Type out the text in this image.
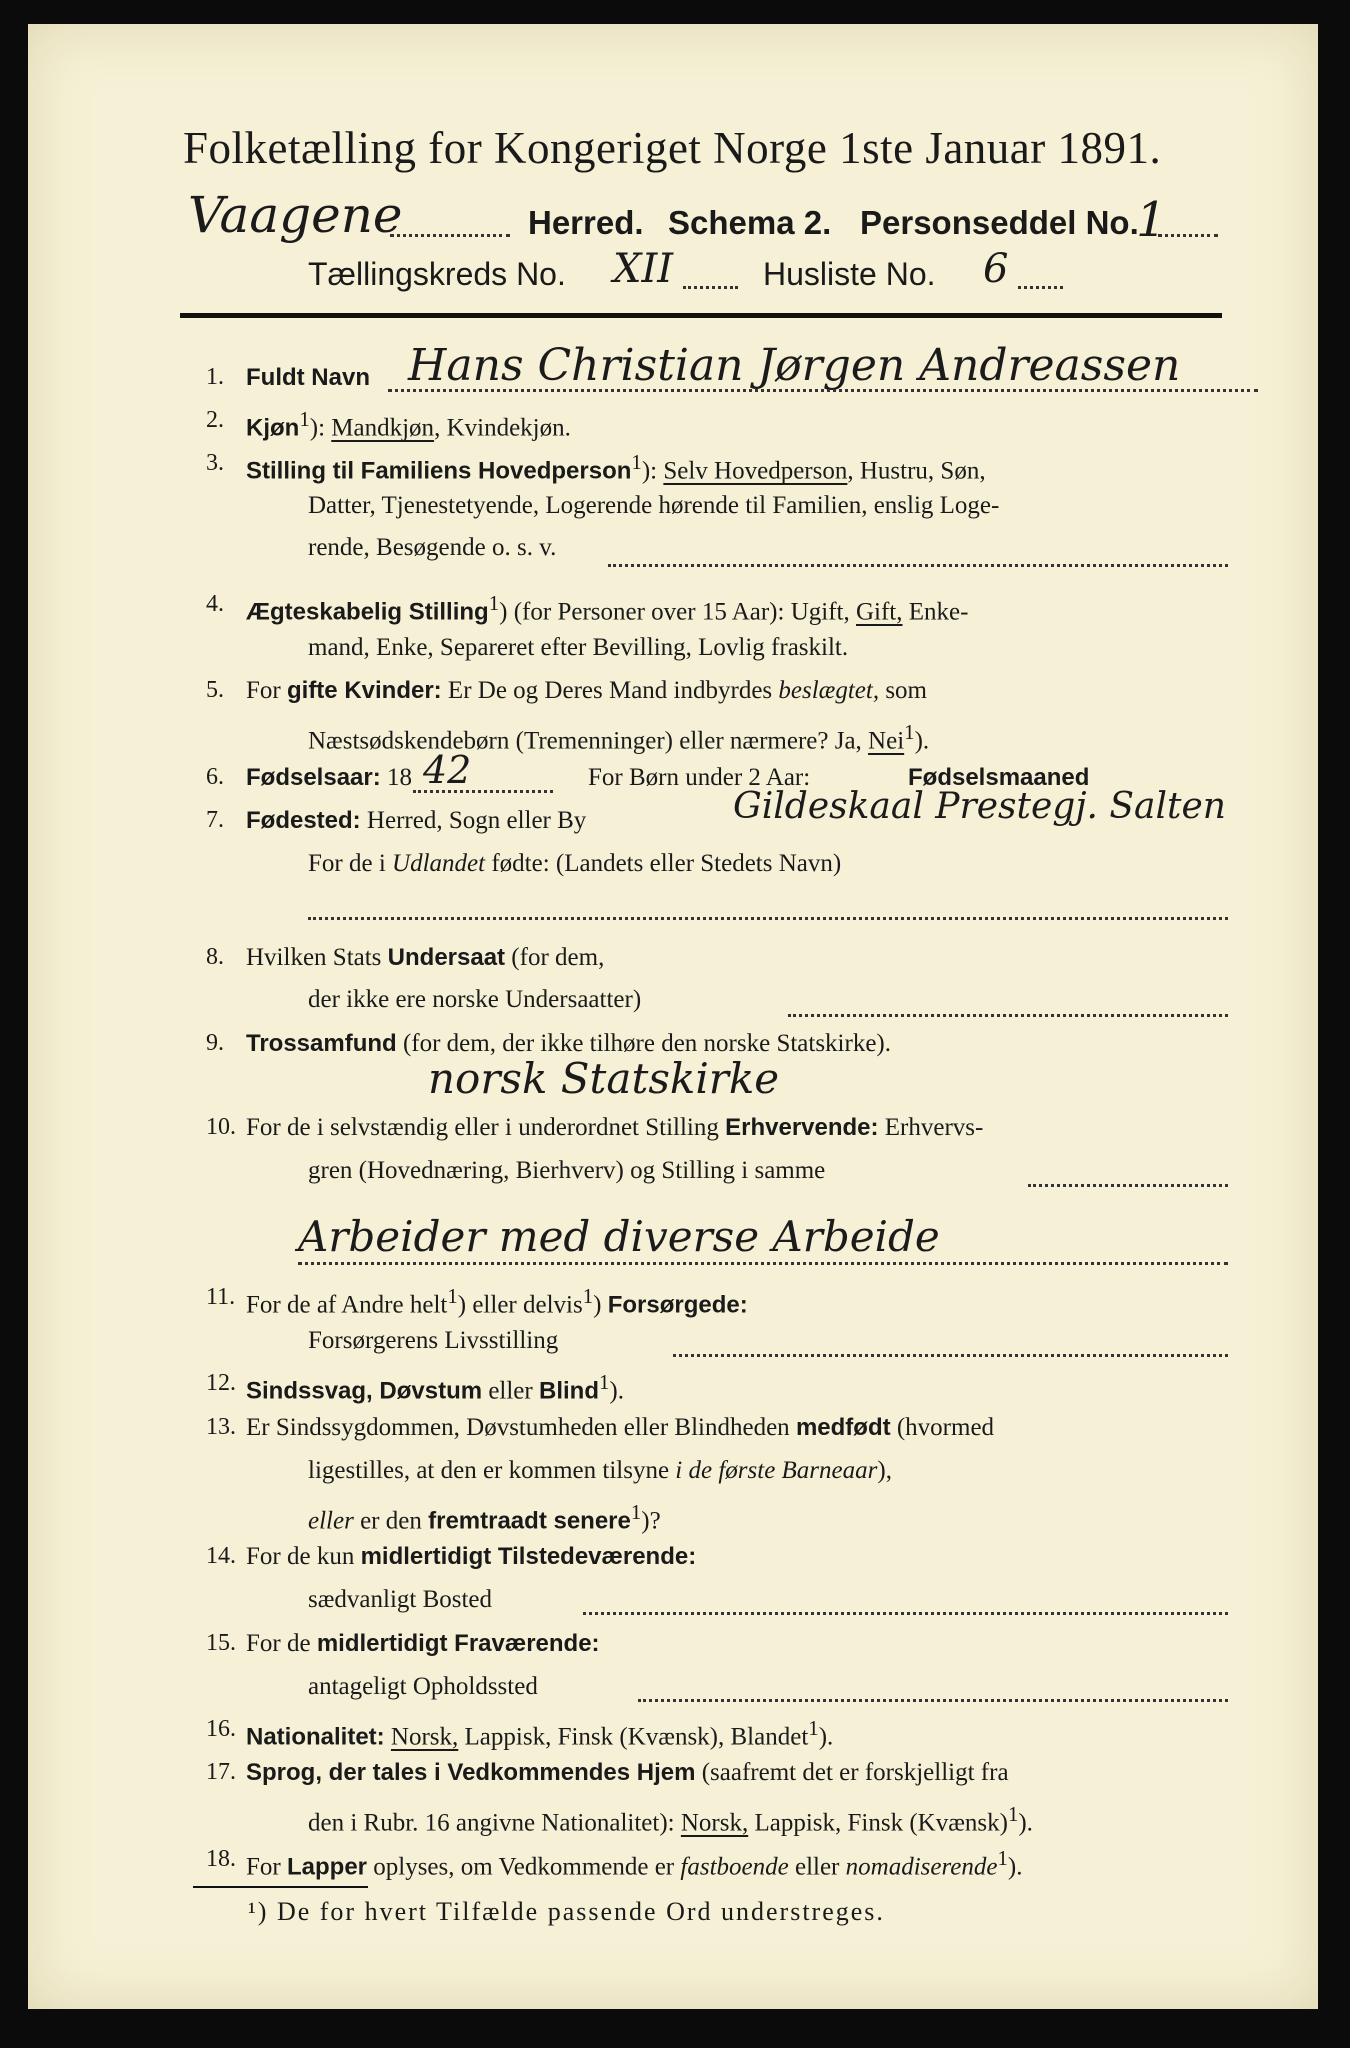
Folketælling for Kongeriget Norge 1ste Januar 1891.
Vaagene	Herred. Schema 2. Personseddel No.
1
Tællingskreds No. XII	Husliste No. 6
1. Fuldt Navn Hans Christian Jørgen Andreassen
2. Kjøn$^1$): Mandkjøn, Kvindekjøn.
3. Stilling til Familiens Hovedperson$^1$): Selv Hovedperson, Hustru, Søn,
Datter, Tjenestetyende, Logerende hørende til Familien, enslig Loge-
rende, Besøgende o. s. v.
4. Ægteskabelig Stilling$^1$) (for Personer over 15 Aar): Ugift, Gift, Enke-
mand, Enke, Separeret efter Bevilling, Lovlig fraskilt.
5. For gifte Kvinder: Er De og Deres Mand indbyrdes beslægtet, som
Næstsødskendebørn (Tremenninger) eller nærmere? Ja, Nei$^1$).
6. Fødselsaar: 18 42	For Børn under 2 Aar:	Fødselsmaaned
7. Fødested: Herred, Sogn eller By	Gildeskaal Prestegj. Salten
For de i Udlandet fødte: (Landets eller Stedets Navn)
8. Hvilken Stats Undersaat (for dem,
der ikke ere norske Undersaatter)
9. Trossamfund (for dem, der ikke tilhøre den norske Statskirke).
norsk Statskirke
10. For de i selvstændig eller i underordnet Stilling Erhvervende: Erhvervs-
gren (Hovednæring, Bierhverv) og Stilling i samme
Arbeider med diverse Arbeide
11. For de af Andre helt$^1$) eller delvis$^1$) Forsørgede:
Forsørgerens Livsstilling
12. Sindssvag, Døvstum eller Blind$^1$).
13. Er Sindssygdommen, Døvstumheden eller Blindheden medfødt (hvormed
ligestilles, at den er kommen tilsyne i de første Barneaar),
eller er den fremtraadt senere$^1$)?
14. For de kun midlertidigt Tilstedeværende:
sædvanligt Bosted
15. For de midlertidigt Fraværende:
antageligt Opholdssted
16. Nationalitet: Norsk, Lappisk, Finsk (Kvænsk), Blandet$^1$).
17. Sprog, der tales i Vedkommendes Hjem (saafremt det er forskjelligt fra
den i Rubr. 16 angivne Nationalitet): Norsk, Lappisk, Finsk (Kvænsk)$^1$).
18. For Lapper oplyses, om Vedkommende er fastboende eller nomadiserende$^1$).
¹) De for hvert Tilfælde passende Ord understreges.
